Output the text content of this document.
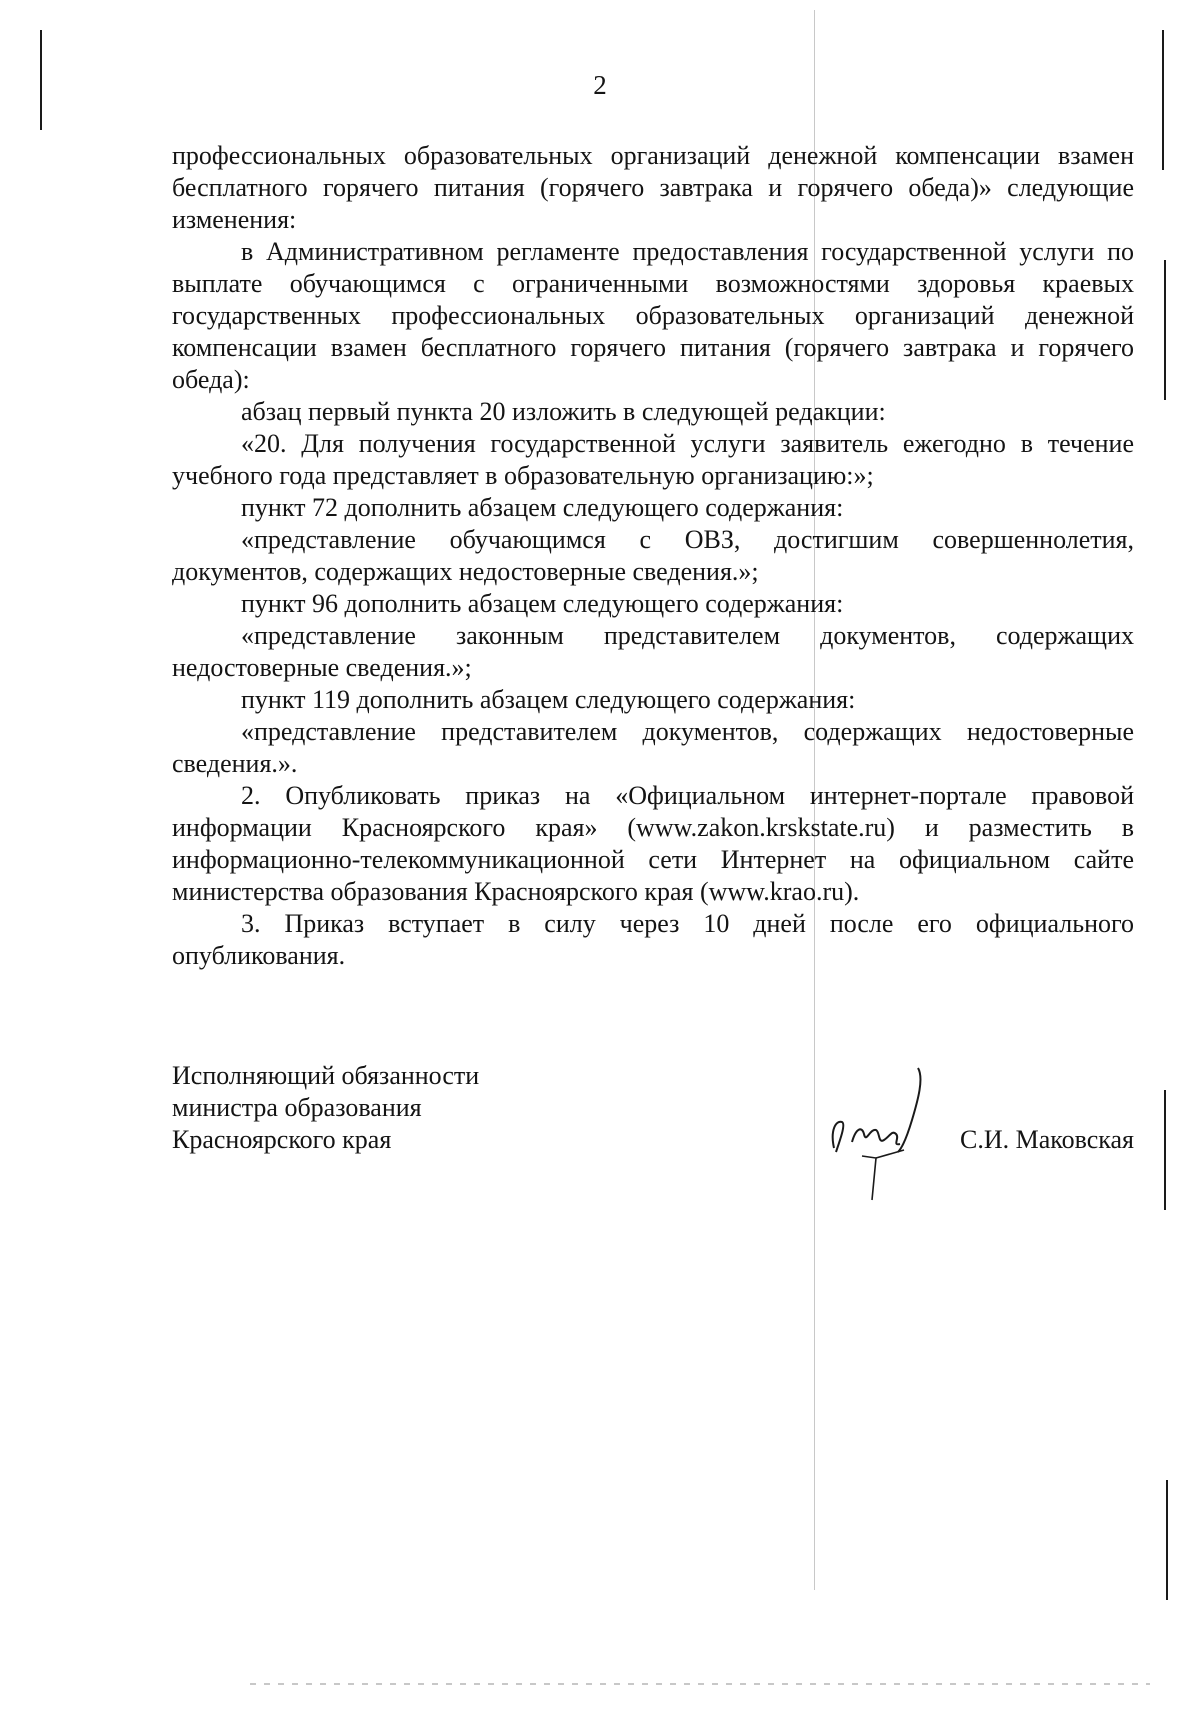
2

профессиональных образовательных организаций денежной компенсации взамен бесплатного горячего питания (горячего завтрака и горячего обеда)» следующие изменения:

в Административном регламенте предоставления государственной услуги по выплате обучающимся с ограниченными возможностями здоровья краевых государственных профессиональных образовательных организаций денежной компенсации взамен бесплатного горячего питания (горячего завтрака и горячего обеда):

абзац первый пункта 20 изложить в следующей редакции:

«20. Для получения государственной услуги заявитель ежегодно в течение учебного года представляет в образовательную организацию:»;

пункт 72 дополнить абзацем следующего содержания:

«представление обучающимся с ОВЗ, достигшим совершеннолетия, документов, содержащих недостоверные сведения.»;

пункт 96 дополнить абзацем следующего содержания:

«представление законным представителем документов, содержащих недостоверные сведения.»;

пункт 119 дополнить абзацем следующего содержания:

«представление представителем документов, содержащих недостоверные сведения.».

2. Опубликовать приказ на «Официальном интернет-портале правовой информации Красноярского края» (www.zakon.krskstate.ru) и разместить в информационно-телекоммуникационной сети Интернет на официальном сайте министерства образования Красноярского края (www.krao.ru).

3. Приказ вступает в силу через 10 дней после его официального опубликования.

Исполняющий обязанности
министра образования
Красноярского края	С.И. Маковская
